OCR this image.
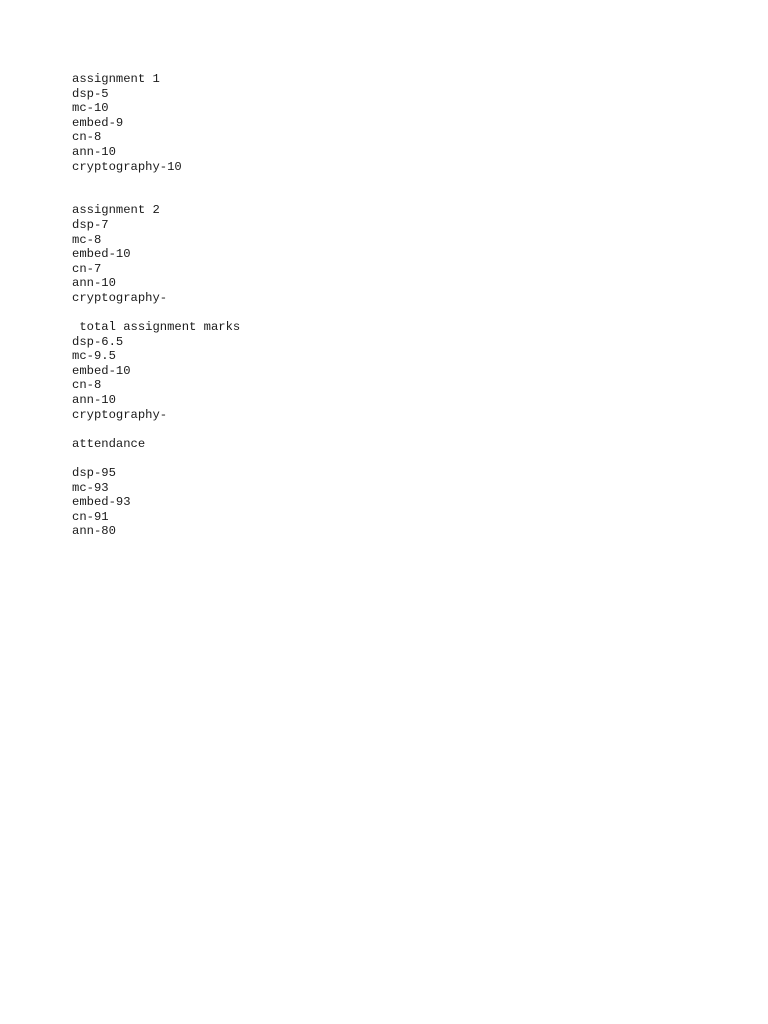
assignment 1
dsp-5
mc-10
embed-9
cn-8
ann-10
cryptography-10
assignment 2
dsp-7
mc-8
embed-10
cn-7
ann-10
cryptography-
total assignment marks
dsp-6.5
mc-9.5
embed-10
cn-8
ann-10
cryptography-
attendance
dsp-95
mc-93
embed-93
cn-91
ann-80
